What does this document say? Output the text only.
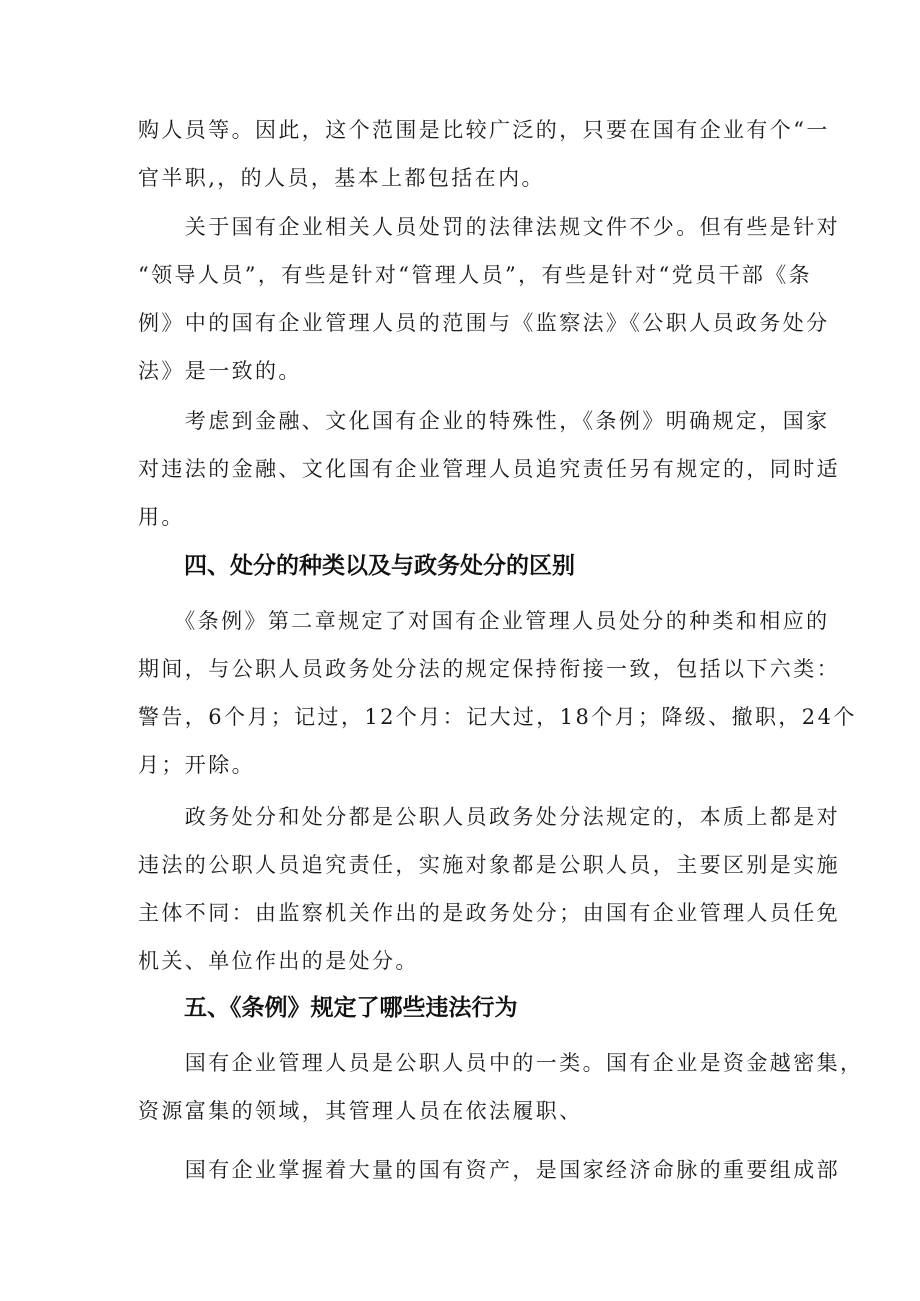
购人员等。因此，这个范围是比较广泛的，只要在国有企业有个“一
官半职,，的人员，基本上都包括在内。
　　关于国有企业相关人员处罚的法律法规文件不少。但有些是针对
“领导人员”，有些是针对“管理人员”，有些是针对“党员干部《条
例》中的国有企业管理人员的范围与《监察法》《公职人员政务处分
法》是一致的。
　　考虑到金融、文化国有企业的特殊性，《条例》明确规定，国家
对违法的金融、文化国有企业管理人员追究责任另有规定的，同时适
用。
四、处分的种类以及与政务处分的区别
　　《条例》第二章规定了对国有企业管理人员处分的种类和相应的
期间，与公职人员政务处分法的规定保持衔接一致，包括以下六类：
警告，6个月；记过，12个月：记大过，18个月；降级、撤职，24个
月；开除。
　　政务处分和处分都是公职人员政务处分法规定的，本质上都是对
违法的公职人员追究责任，实施对象都是公职人员，主要区别是实施
主体不同：由监察机关作出的是政务处分；由国有企业管理人员任免
机关、单位作出的是处分。
五、《条例》规定了哪些违法行为
　　国有企业管理人员是公职人员中的一类。国有企业是资金越密集，
资源富集的领域，其管理人员在依法履职、
　　国有企业掌握着大量的国有资产，是国家经济命脉的重要组成部
